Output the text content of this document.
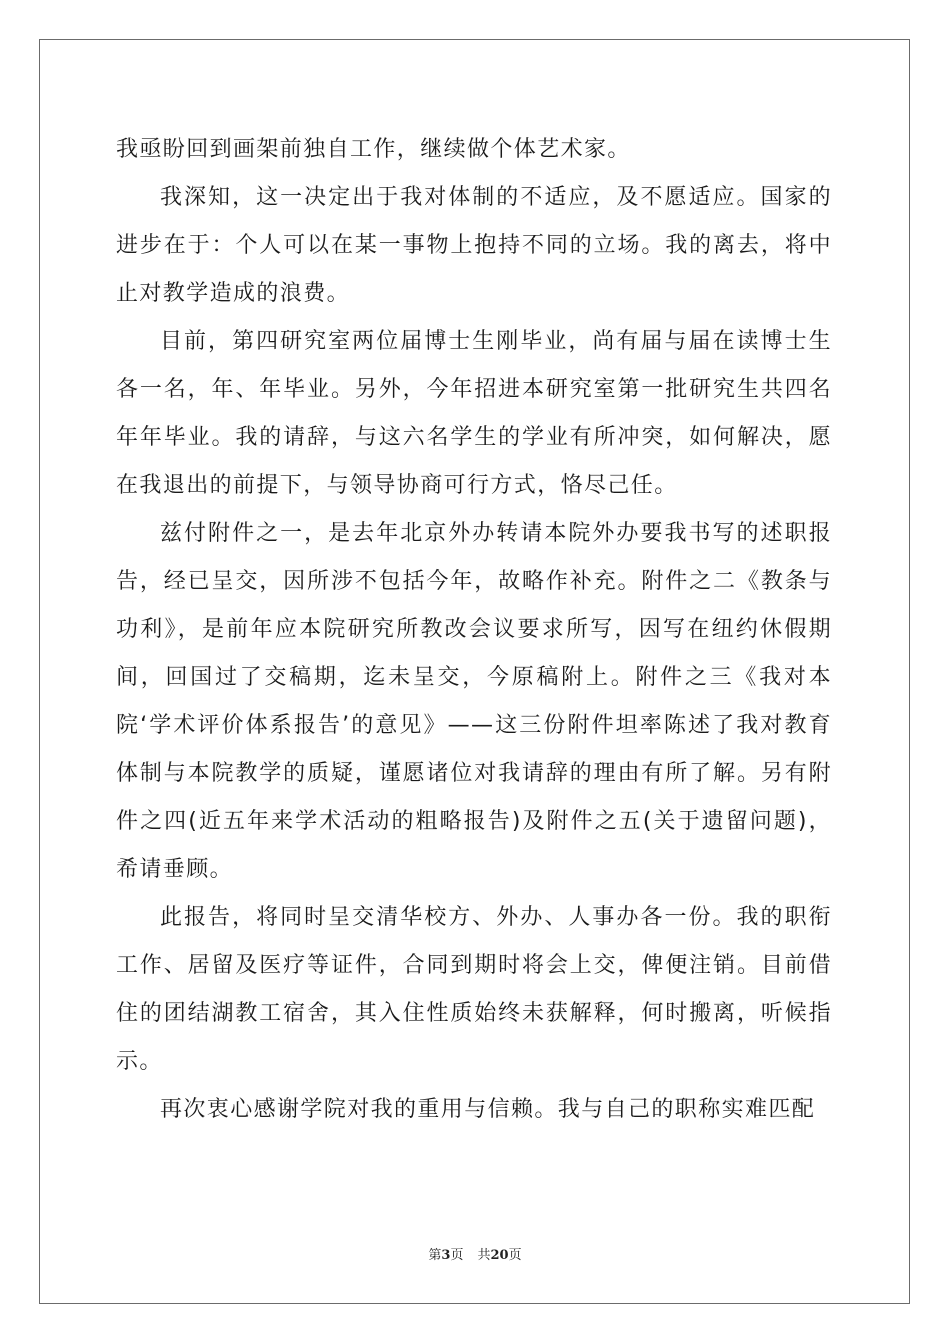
我亟盼回到画架前独自工作，继续做个体艺术家。

我深知，这一决定出于我对体制的不适应，及不愿适应。国家的进步在于：个人可以在某一事物上抱持不同的立场。我的离去，将中止对教学造成的浪费。

目前，第四研究室两位届博士生刚毕业，尚有届与届在读博士生各一名，年、年毕业。另外，今年招进本研究室第一批研究生共四名年年毕业。我的请辞，与这六名学生的学业有所冲突，如何解决，愿在我退出的前提下，与领导协商可行方式，恪尽己任。

兹付附件之一，是去年北京外办转请本院外办要我书写的述职报告，经已呈交，因所涉不包括今年，故略作补充。附件之二《教条与功利》，是前年应本院研究所教改会议要求所写，因写在纽约休假期间，回国过了交稿期，迄未呈交，今原稿附上。附件之三《我对本院‘学术评价体系报告’的意见》——这三份附件坦率陈述了我对教育体制与本院教学的质疑，谨愿诸位对我请辞的理由有所了解。另有附件之四(近五年来学术活动的粗略报告)及附件之五(关于遗留问题)，希请垂顾。

此报告，将同时呈交清华校方、外办、人事办各一份。我的职衔工作、居留及医疗等证件，合同到期时将会上交，俾便注销。目前借住的团结湖教工宿舍，其入住性质始终未获解释，何时搬离，听候指示。

再次衷心感谢学院对我的重用与信赖。我与自己的职称实难匹配

第3页 共20页
